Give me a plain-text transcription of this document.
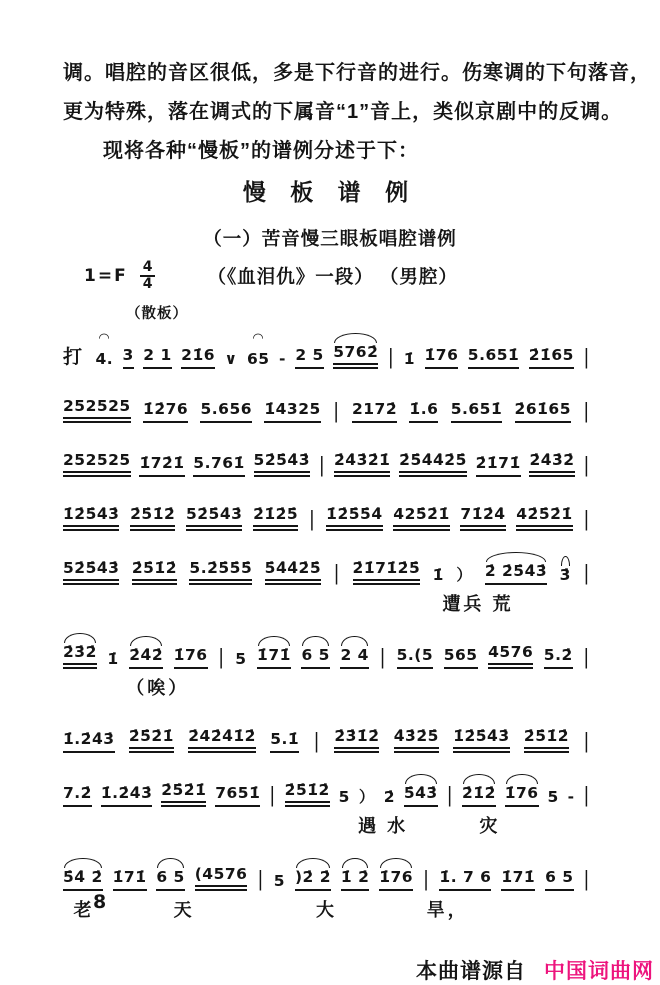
调。唱腔的音区很低，多是下行音的进行。伤寒调的下句落音，
更为特殊，落在调式的下属音“1”音上，类似京剧中的反调。
现将各种“慢板”的谱例分述于下：
慢 板 谱 例
（一）苦音慢三眼板唱腔谱例
$1=F \frac{4}{4}$	（《血泪仇》一段） （男腔）
（散板）
打 4.
◠
3 2 1 21̇6 ∨ 65
◠
- 2 5 5762̇ | 1̇ 1̇76 5.651̇ 2̇1̇65 |
252525 1̇2̇76 5.656 1̇4325 | 2172̇ 1̇.6 5.651̇ 2̇61̇65 |
252525 1̇72̇1̇ 5.761̇ 52̇5̇4̇3̇ | 2̇4̇3̇2̇1̇ 2̇5̇4̇4̇2̇5̇ 2̇1̇71̇ 2̇4̇3̇2̇ |
1̇2̇5̇4̇3̇ 2̇5̇1̇2̇ 52̇5̇4̇3̇ 2̇1̇2̇5̇ | 1̇2̇5̇5̇4̇ 425̇2̇1̇ 71̇2̇4̇ 42̇5̇2̇1̇ |
52̇5̇4̇3̇ 2̇5̇1̇2̇ 5.2̇5̇5̇5̇ 5̇4̇4̇2̇5̇ | 2̇1̇71̇2̇5̇ 1̇ ） 2̇ 2̇5̇4̇3̇ 3̇ |
遭兵 荒
2̇3̇2̇ 1̇ 2̇4̇2̇ 1̇76 | 5 1̇71̇ 6 5 2 4 | 5.(5 565 4576 5.2̇ |
（唉）
1̇.2̇4̇3̇ 2̇5̇2̇1̇ 2̇42̇4̇1̇2̇ 5.1̇ | 2̇3̇1̇2̇ 4̇3̇2̇5̇ 1̇2̇5̇4̇3̇ 2̇5̇1̇2̇ |
7.2̇ 1̇.2̇4̇3̇ 2̇5̇2̇1̇ 7651̇ | 2̇5̇1̇2̇ 5 ） 2̇ 5̇4̇3̇ | 2̇1̇2̇ 1̇76 5 - |
遇 水	灾
5̇4̇ 2̇ 1̇71̇ 6 5 (4576 | 5 )2̇ 2̇ 1̇ 2̇ 1̇76 | 1̇. 7 6 1̇71̇ 6 5 |
老	天	大	旱，
8
本曲谱源自 中国词曲网
